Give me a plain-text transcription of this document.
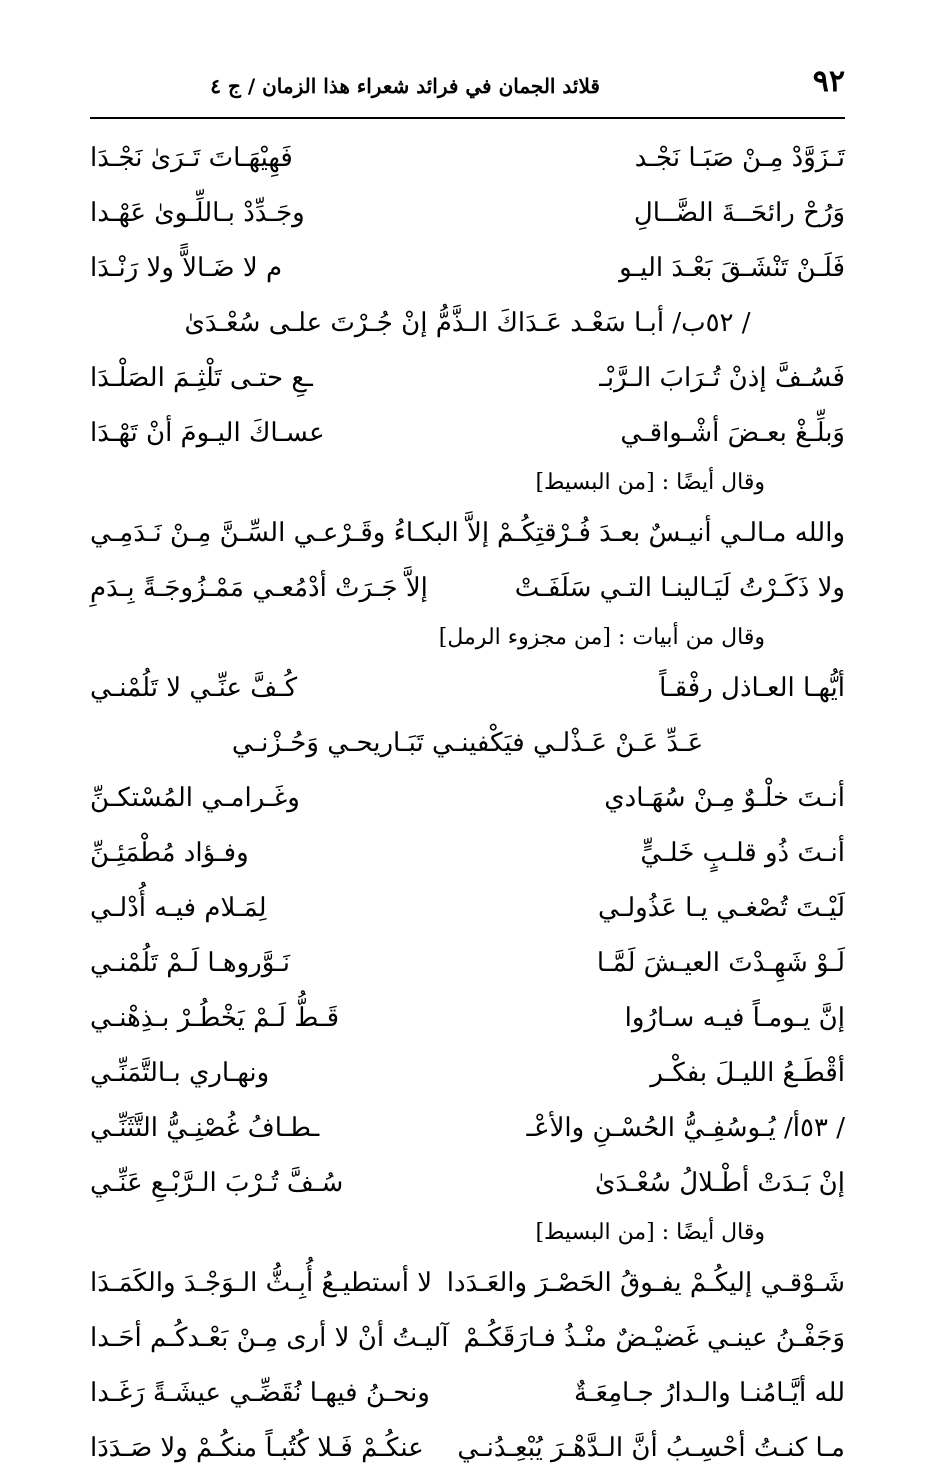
٩٢
قلائد الجمان في فرائد شعراء هذا الزمان / ج ٤
تَـزَوَّدْ مِـنْ صَبَـا نَجْـد
فَهِيْهَـاتَ تَـرَىٰ نَجْـدَا
وَرُحْ رائحَــةَ الضَّــالِ
وجَـدِّدْ بـاللِّـوىٰ عَهْـدا
فَلَـنْ تَنْشَـقَ بَعْـدَ اليـو
م لا ضَـالاًّ ولا رَنْـدَا
/ ٥٢ب/ أبـا سَعْـد عَـدَاكَ الـذَّمُّ إنْ جُـرْتَ علـى سُعْـدَىٰ
فَسُـفَّ إذنْ تُـرَابَ الـرَّبْـ
ـعِ حتـى تَلْثِـمَ الصَلْـدَا
وَبلِّـغْ بعـضَ أشْـواقـي
عسـاكَ اليـومَ أنْ تَهْـدَا
وقال أيضًا : [من البسيط]
والله مـالـي أنيـسٌ بعـدَ فُـرْقتِكُـمْ
إلاَّ البكـاءُ وقَـرْعـي السِّـنَّ مِـنْ نَـدَمِـي
ولا ذَكَـرْتُ لَيَـالينـا التـي سَلَفَـتْ
إلاَّ جَـرَتْ أدْمُعـي مَمْـزُوجَـةً بِـدَمِ
وقال من أبيات : [من مجزوء الرمل]
أيُّهـا العـاذل رفْقـاً
كُـفَّ عنِّـي لا تَلُمْنـي
عَـدِّ عَـنْ عَـذْلـي فيَكْفينـي تَبَـاريحـي وَحُـزْنـي
أنـتَ خلْـوٌ مِـنْ سُهَـادي
وغَـرامـي المُسْتكـنِّ
أنـتَ ذُو قلـبٍ خَلـيٍّ
وفـؤاد مُطْمَئِـنِّ
لَيْـتَ تُصْغـي يـا عَذُولـي
لِمَـلام فيـه أُدْلـي
لَـوْ شَهِـدْتَ العيـشَ لَمَّـا
نَـوَّروهـا لَـمْ تَلُمْنـي
إنَّ يـومـاً فيـه سـارُوا
قَـطُّ لَـمْ يَخْطُـرْ بـذِهْنـي
أقْطَـعُ الليـلَ بفكْـر
ونهـاري بـالتَّمَنِّـي
/ ٥٣أ/ يُـوسُفِـيُّ الحُسْـنِ والأعْـ
ـطـافُ غُصْنِـيُّ التَّثَنِّـي
إنْ بَـدَتْ أطْـلالُ سُعْـدَىٰ
سُـفَّ تُـرْبَ الـرَّبْـعِ عَنِّـي
وقال أيضًا : [من البسيط]
شَـوْقـي إليكُـمْ يفـوقُ الحَصْـرَ والعَـدَدا
لا أستطيـعُ أُبِـثُّ الـوَجْـدَ والكَمَـدَا
وَجَفْـنُ عينـي غَضيْـضٌ منْـذُ فـارَقَكُـمْ
آليـتُ أنْ لا أرى مِـنْ بَعْـدكُـم أحَـدا
لله أيَّـامُنـا والـدارُ جـامِعَـةٌ
ونحـنُ فيهـا نُقَضِّـي عيشَـةً رَغَـدا
مـا كنـتُ أحْسِـبُ أنَّ الـدَّهْـرَ يُبْعِـدُنـي
عنكُـمْ فَـلا كُتُبـاً منكُـمْ ولا صَـدَدَا
